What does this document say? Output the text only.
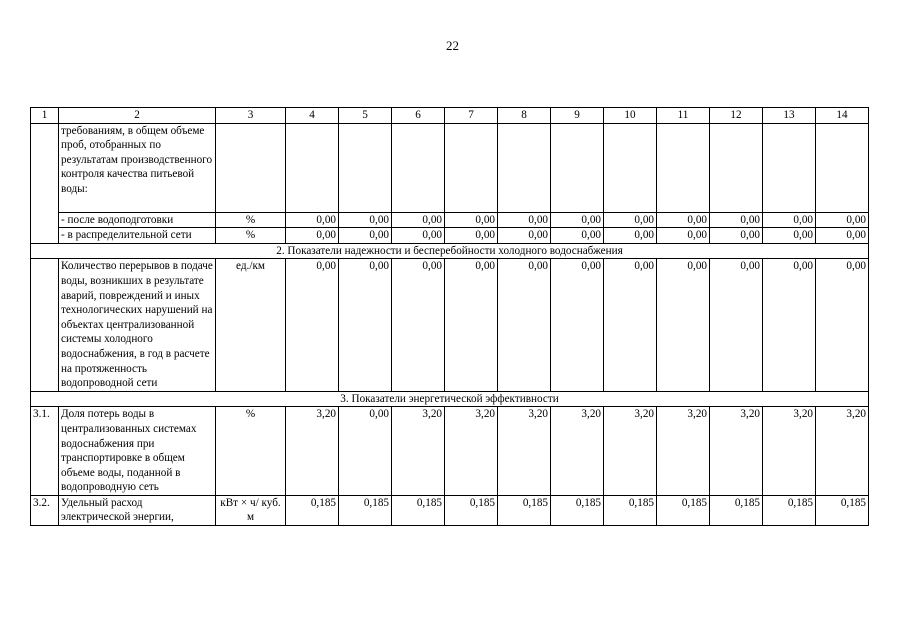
22
1	2	3	4	5	6	7	8	9	10	11	12	13	14
	требованиям, в общем объеме проб, отобранных по результатам производственного контроля качества питьевой воды:												
	- после водоподготовки	%	0,00	0,00	0,00	0,00	0,00	0,00	0,00	0,00	0,00	0,00	0,00
	- в распределительной сети	%	0,00	0,00	0,00	0,00	0,00	0,00	0,00	0,00	0,00	0,00	0,00
2. Показатели надежности и бесперебойности холодного водоснабжения													
	Количество перерывов в подаче воды, возникших в результате аварий, повреждений и иных технологических нарушений на объектах централизованной системы холодного водоснабжения, в год в расчете на протяженность водопроводной сети	ед./км	0,00	0,00	0,00	0,00	0,00	0,00	0,00	0,00	0,00	0,00	0,00
3. Показатели энергетической эффективности													
3.1.	Доля потерь воды в централизованных системах водоснабжения при транспортировке в общем объеме воды, поданной в водопроводную сеть	%	3,20	0,00	3,20	3,20	3,20	3,20	3,20	3,20	3,20	3,20	3,20
3.2.	Удельный расход электрической энергии,	кВт × ч/ куб. м	0,185	0,185	0,185	0,185	0,185	0,185	0,185	0,185	0,185	0,185	0,185
